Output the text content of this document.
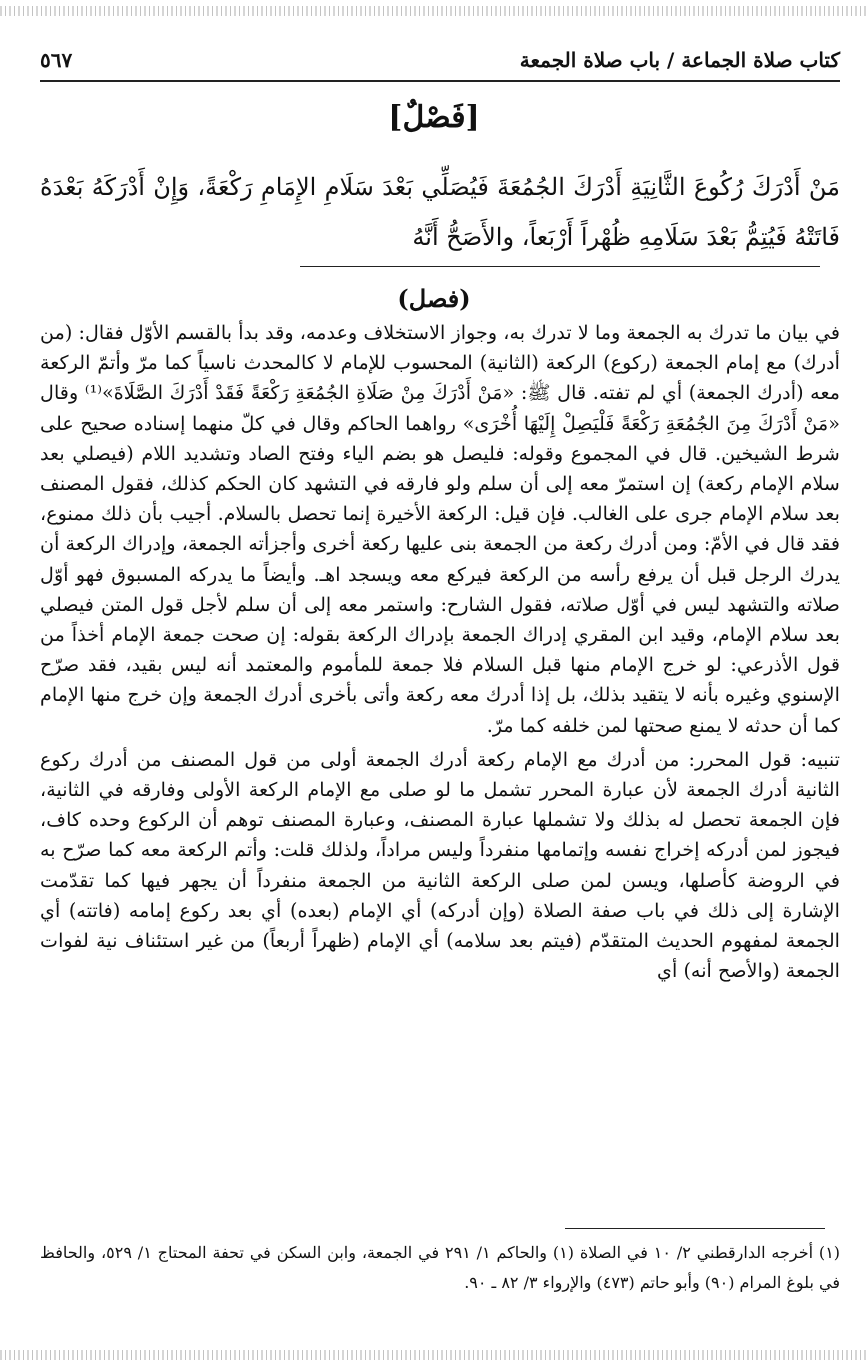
كتاب صلاة الجماعة / باب صلاة الجمعة
٥٦٧
[فَصْلٌ]
مَنْ أَدْرَكَ رُكُوعَ الثَّانِيَةِ أَدْرَكَ الجُمُعَةَ فَيُصَلِّي بَعْدَ سَلَامِ الإِمَامِ رَكْعَةً، وَإِنْ أَدْرَكَهُ بَعْدَهُ فَاتَتْهُ فَيُتِمُّ بَعْدَ سَلَامِهِ ظُهْراً أَرْبَعاً، والأَصَحُّ أَنَّهُ
(فصل)

في بيان ما تدرك به الجمعة وما لا تدرك به، وجواز الاستخلاف وعدمه، وقد بدأ بالقسم الأوّل فقال: (من أدرك) مع إمام الجمعة (ركوع) الركعة (الثانية) المحسوب للإمام لا كالمحدث ناسياً كما مرّ وأتمّ الركعة معه (أدرك الجمعة) أي لم تفته. قال ﷺ: «مَنْ أَدْرَكَ مِنْ صَلَاةِ الجُمُعَةِ رَكْعَةً فَقَدْ أَدْرَكَ الصَّلَاةَ»⁽¹⁾ وقال «مَنْ أَدْرَكَ مِنَ الجُمُعَةِ رَكْعَةً فَلْيَصِلْ إِلَيْهَا أُخْرَى» رواهما الحاكم وقال في كلّ منهما إسناده صحيح على شرط الشيخين. قال في المجموع وقوله: فليصل هو بضم الياء وفتح الصاد وتشديد اللام (فيصلي بعد سلام الإمام ركعة) إن استمرّ معه إلى أن سلم ولو فارقه في التشهد كان الحكم كذلك، فقول المصنف بعد سلام الإمام جرى على الغالب. فإن قيل: الركعة الأخيرة إنما تحصل بالسلام. أجيب بأن ذلك ممنوع، فقد قال في الأمّ: ومن أدرك ركعة من الجمعة بنى عليها ركعة أخرى وأجزأته الجمعة، وإدراك الركعة أن يدرك الرجل قبل أن يرفع رأسه من الركعة فيركع معه ويسجد اهـ. وأيضاً ما يدركه المسبوق فهو أوّل صلاته والتشهد ليس في أوّل صلاته، فقول الشارح: واستمر معه إلى أن سلم لأجل قول المتن فيصلي بعد سلام الإمام، وقيد ابن المقري إدراك الجمعة بإدراك الركعة بقوله: إن صحت جمعة الإمام أخذاً من قول الأذرعي: لو خرج الإمام منها قبل السلام فلا جمعة للمأموم والمعتمد أنه ليس بقيد، فقد صرّح الإسنوي وغيره بأنه لا يتقيد بذلك، بل إذا أدرك معه ركعة وأتى بأخرى أدرك الجمعة وإن خرج منها الإمام كما أن حدثه لا يمنع صحتها لمن خلفه كما مرّ.

تنبيه: قول المحرر: من أدرك مع الإمام ركعة أدرك الجمعة أولى من قول المصنف من أدرك ركوع الثانية أدرك الجمعة لأن عبارة المحرر تشمل ما لو صلى مع الإمام الركعة الأولى وفارقه في الثانية، فإن الجمعة تحصل له بذلك ولا تشملها عبارة المصنف، وعبارة المصنف توهم أن الركوع وحده كاف، فيجوز لمن أدركه إخراج نفسه وإتمامها منفرداً وليس مراداً، ولذلك قلت: وأتم الركعة معه كما صرّح به في الروضة كأصلها، ويسن لمن صلى الركعة الثانية من الجمعة منفرداً أن يجهر فيها كما تقدّمت الإشارة إلى ذلك في باب صفة الصلاة (وإن أدركه) أي الإمام (بعده) أي بعد ركوع إمامه (فاتته) أي الجمعة لمفهوم الحديث المتقدّم (فيتم بعد سلامه) أي الإمام (ظهراً أربعاً) من غير استئناف نية لفوات الجمعة (والأصح أنه) أي

(١) أخرجه الدارقطني ٢/ ١٠ في الصلاة (١) والحاكم ١/ ٢٩١ في الجمعة، وابن السكن في تحفة المحتاج ١/ ٥٢٩، والحافظ في بلوغ المرام (٩٠) وأبو حاتم (٤٧٣) والإرواء ٣/ ٨٢ ـ ٩٠.
